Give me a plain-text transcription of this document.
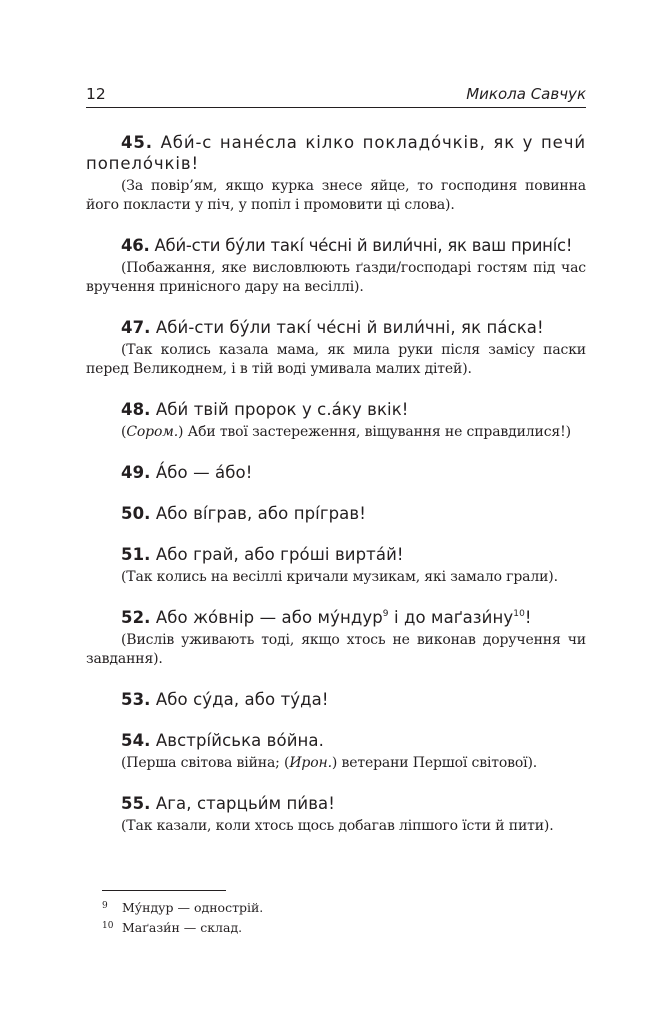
12	Микола Савчук

45. Аби́-с нане́сла кілко покладо́чків, як у печи́ попело́чків!

(За повір’ям, якщо курка знесе яйце, то господиня повинна його покласти у піч, у попіл і промовити ці слова).

46. Аби́-сти бу́ли такі́ че́сні й вили́чні, як ваш прині́с!

(Побажання, яке висловлюють ґазди/господарі гостям під час вручення принісного дару на весіллі).

47. Аби́-сти бу́ли такі́ че́сні й вили́чні, як па́ска!

(Так колись казала мама, як мила руки після замісу паски перед Великоднем, і в тій воді умивала малих дітей).

48. Аби́ твій пророк у с.а́ку вкік!

(Сором.) Аби твої застереження, віщування не справдилися!)

49. А́бо — а́бо!

50. Або ві́грав, або прі́грав!

51. Або грай, або гро́ші вирта́й!

(Так колись на весіллі кричали музикам, які замало грали).

52. Або жо́внір — або му́ндур$^9$ і до $маґази́ну^{10}$!

(Вислів уживають тоді, якщо хтось не виконав доручення чи завдання).

53. Або су́да, або ту́да!

54. Австрі́йська во́йна.

(Перша світова війна; (Ирон.) ветерани Першої світової).

55. Ага, старцьи́м пи́ва!

(Так казали, коли хтось щось добагав ліпшого їсти й пити).

9 Му́ндур — однострій.

10 Маґази́н — склад.
